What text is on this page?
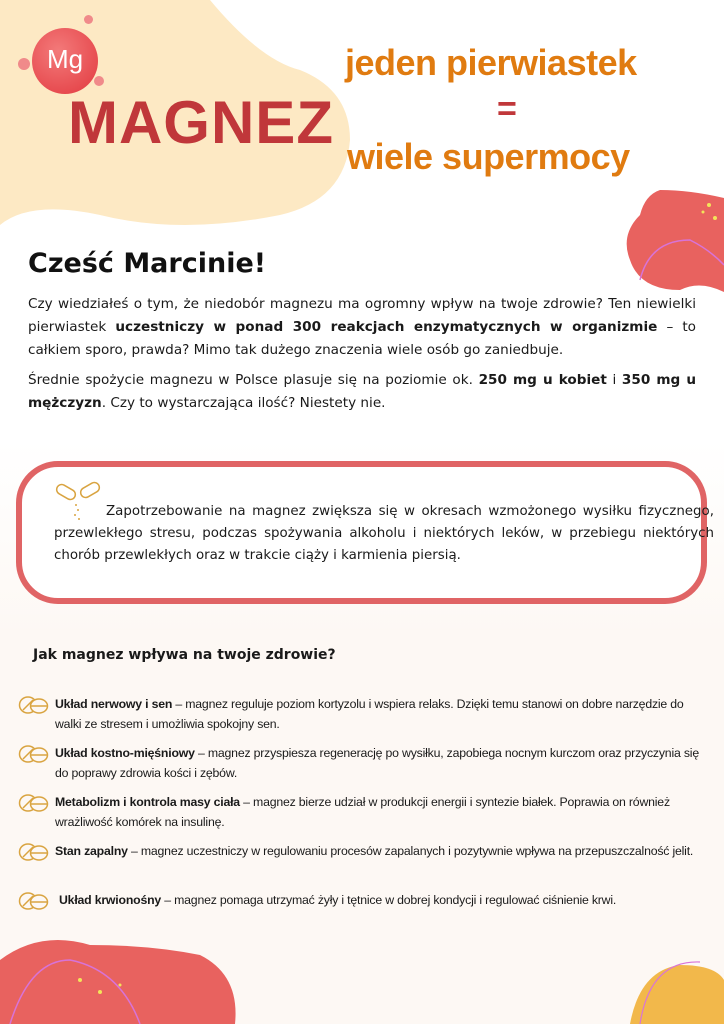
Mg
MAGNEZ
jeden pierwiastek
=
wiele supermocy
Cześć Marcinie!

Czy wiedziałeś o tym, że niedobór magnezu ma ogromny wpływ na twoje zdrowie? Ten niewielki pierwiastek uczestniczy w ponad 300 reakcjach enzymatycznych w organizmie – to całkiem sporo, prawda? Mimo tak dużego znaczenia wiele osób go zaniedbuje.

Średnie spożycie magnezu w Polsce plasuje się na poziomie ok. 250 mg u kobiet i 350 mg u mężczyzn. Czy to wystarczająca ilość? Niestety nie.

Zapotrzebowanie na magnez zwiększa się w okresach wzmożonego wysiłku fizycznego, przewlekłego stresu, podczas spożywania alkoholu i niektórych leków, w przebiegu niektórych chorób przewlekłych oraz w trakcie ciąży i karmienia piersią.

Jak magnez wpływa na twoje zdrowie?
Układ nerwowy i sen – magnez reguluje poziom kortyzolu i wspiera relaks. Dzięki temu stanowi on dobre narzędzie do walki ze stresem i umożliwia spokojny sen.
Układ kostno-mięśniowy – magnez przyspiesza regenerację po wysiłku, zapobiega nocnym kurczom oraz przyczynia się do poprawy zdrowia kości i zębów.
Metabolizm i kontrola masy ciała – magnez bierze udział w produkcji energii i syntezie białek. Poprawia on również wrażliwość komórek na insulinę.
Stan zapalny – magnez uczestniczy w regulowaniu procesów zapalanych i pozytywnie wpływa na przepuszczalność jelit.
Układ krwionośny – magnez pomaga utrzymać żyły i tętnice w dobrej kondycji i regulować ciśnienie krwi.
